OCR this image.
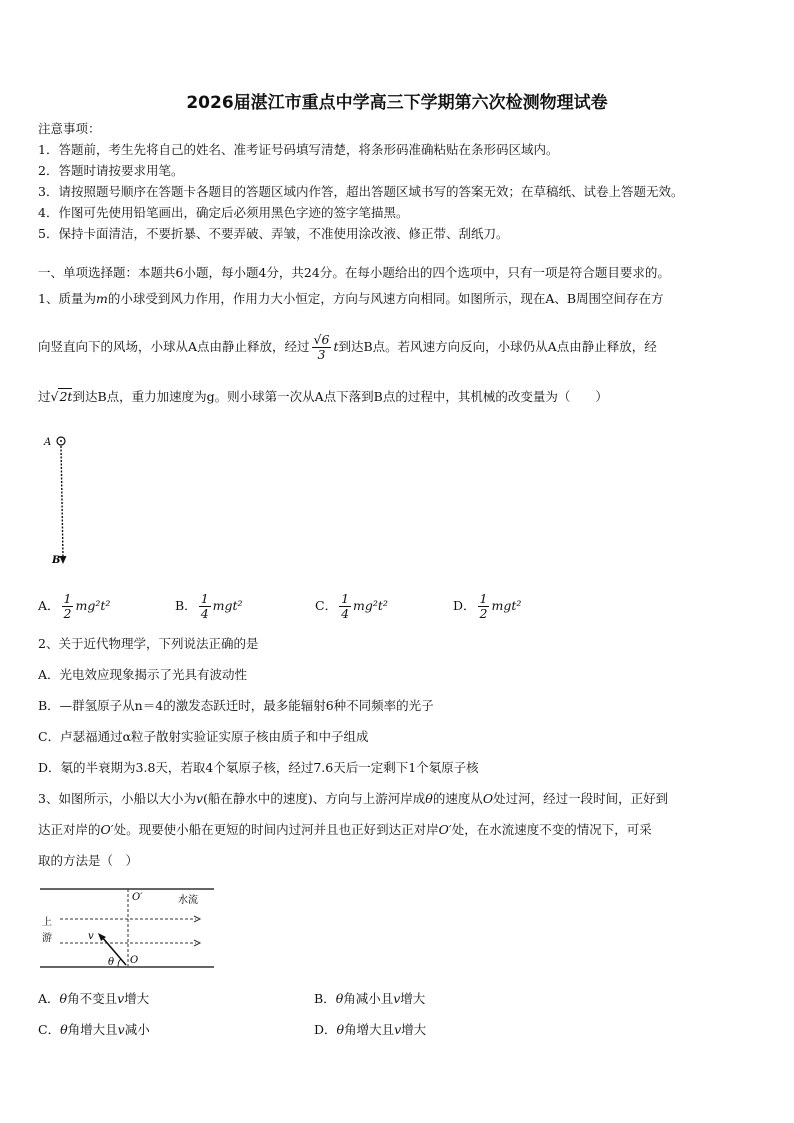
2026届湛江市重点中学高三下学期第六次检测物理试卷
注意事项：
1．答题前，考生先将自己的姓名、准考证号码填写清楚，将条形码准确粘贴在条形码区域内。
2．答题时请按要求用笔。
3．请按照题号顺序在答题卡各题目的答题区域内作答，超出答题区域书写的答案无效；在草稿纸、试卷上答题无效。
4．作图可先使用铅笔画出，确定后必须用黑色字迹的签字笔描黑。
5．保持卡面清洁，不要折暴、不要弄破、弄皱，不准使用涂改液、修正带、刮纸刀。
一、单项选择题：本题共6小题，每小题4分，共24分。在每小题给出的四个选项中，只有一项是符合题目要求的。
1、质量为m的小球受到风力作用，作用力大小恒定，方向与风速方向相同。如图所示，现在A、B周围空间存在方
向竖直向下的风场，小球从A点由静止释放，经过 $\frac{√6}{3}$ t到达B点。若风速方向反向，小球仍从A点由静止释放，经
过√2t到达B点，重力加速度为g。则小球第一次从A点下落到B点的过程中，其机械的改变量为（　　）
A
B
A． $\frac{1}{2} mg^2t^2$	B． $\frac{1}{4} mgt^2$	C． $\frac{1}{4} mg^2t^2$	D． $\frac{1}{2} mgt^2$
2、关于近代物理学，下列说法正确的是
A．光电效应现象揭示了光具有波动性
B．—群氢原子从n＝4的激发态跃迁时，最多能辐射6种不同频率的光子
C．卢瑟福通过α粒子散射实验证实原子核由质子和中子组成
D．氡的半衰期为3.8天，若取4个氡原子核，经过7.6天后一定剩下1个氡原子核
3、如图所示，小船以大小为v(船在静水中的速度)、方向与上游河岸成θ的速度从O处过河，经过一段时间，正好到
达正对岸的O′处。现要使小船在更短的时间内过河并且也正好到达正对岸O′处，在水流速度不变的情况下，可采
取的方法是（　）
O′	水流
上
游	v
θ O
A．θ角不变且v增大	B．θ角减小且v增大
C．θ角增大且v减小	D．θ角增大且v增大
